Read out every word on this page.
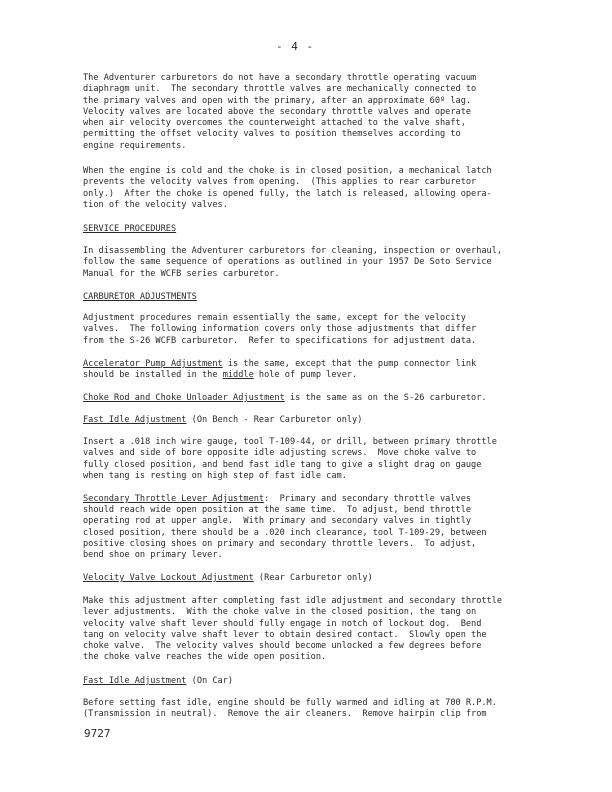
- 4 -

The Adventurer carburetors do not have a secondary throttle operating vacuum
diaphragm unit.  The secondary throttle valves are mechanically connected to
the primary valves and open with the primary, after an approximate 60º lag.
Velocity valves are located above the secondary throttle valves and operate
when air velocity overcomes the counterweight attached to the valve shaft,
permitting the offset velocity valves to position themselves according to
engine requirements.

When the engine is cold and the choke is in closed position, a mechanical latch
prevents the velocity valves from opening.  (This applies to rear carburetor
only.)  After the choke is opened fully, the latch is released, allowing opera-
tion of the velocity valves.

SERVICE PROCEDURES

In disassembling the Adventurer carburetors for cleaning, inspection or overhaul,
follow the same sequence of operations as outlined in your 1957 De Soto Service
Manual for the WCFB series carburetor.

CARBURETOR ADJUSTMENTS

Adjustment procedures remain essentially the same, except for the velocity
valves.  The following information covers only those adjustments that differ
from the S-26 WCFB carburetor.  Refer to specifications for adjustment data.

Accelerator Pump Adjustment is the same, except that the pump connector link

should be installed in the middle hole of pump lever.

Choke Rod and Choke Unloader Adjustment is the same as on the S-26 carburetor.

Fast Idle Adjustment (On Bench - Rear Carburetor only)

Insert a .018 inch wire gauge, tool T-109-44, or drill, between primary throttle
valves and side of bore opposite idle adjusting screws.  Move choke valve to
fully closed position, and bend fast idle tang to give a slight drag on gauge
when tang is resting on high step of fast idle cam.

Secondary Throttle Lever Adjustment:  Primary and secondary throttle valves

should reach wide open position at the same time.  To adjust, bend throttle
operating rod at upper angle.  With primary and secondary valves in tightly
closed position, there should be a .020 inch clearance, tool T-109-29, between
positive closing shoes on primary and secondary throttle levers.  To adjust,
bend shoe on primary lever.

Velocity Valve Lockout Adjustment (Rear Carburetor only)

Make this adjustment after completing fast idle adjustment and secondary throttle
lever adjustments.  With the choke valve in the closed position, the tang on
velocity valve shaft lever should fully engage in notch of lockout dog.  Bend
tang on velocity valve shaft lever to obtain desired contact.  Slowly open the
choke valve.  The velocity valves should become unlocked a few degrees before
the choke valve reaches the wide open position.

Fast Idle Adjustment (On Car)

Before setting fast idle, engine should be fully warmed and idling at 700 R.P.M.
(Transmission in neutral).  Remove the air cleaners.  Remove hairpin clip from

9727
